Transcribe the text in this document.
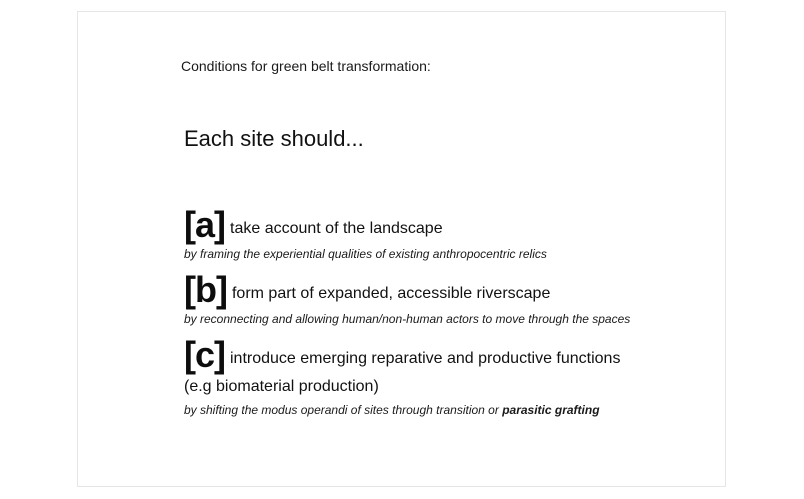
Conditions for green belt transformation:
Each site should...
[a] take account of the landscape
by framing the experiential qualities of existing anthropocentric relics
[b] form part of expanded, accessible riverscape
by reconnecting and allowing human/non-human actors to move through the spaces
[c] introduce emerging reparative and productive functions
(e.g biomaterial production)
by shifting the modus operandi of sites through transition or parasitic grafting
